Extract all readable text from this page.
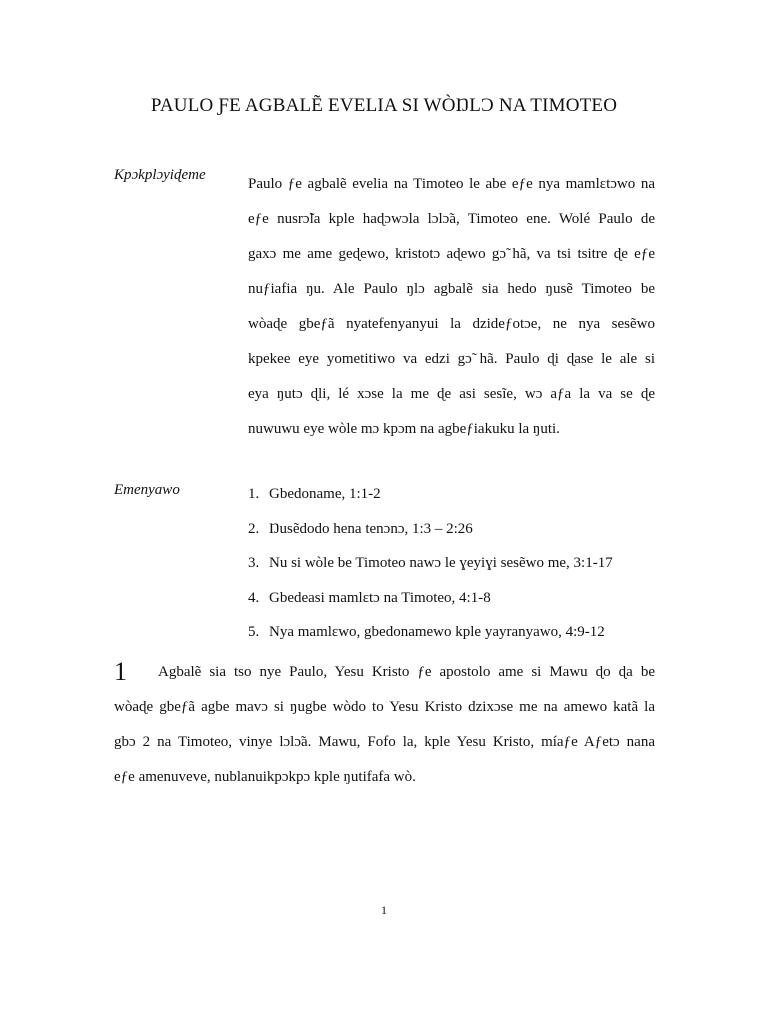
PAULO ƑE AGBALẼ EVELIA SI WÒŊLƆ NA TIMOTEO
Kpɔkplɔyiɖeme
Paulo ƒe agbalẽ evelia na Timoteo le abe eƒe nya mamlɛtɔwo na
eƒe nusrɔ̃la kple haɖɔwɔla lɔlɔ̃a, Timoteo ene. Wolé Paulo de
gaxɔ me ame geɖewo, kristotɔ aɖewo gɔ̃ hã, va tsi tsitre ɖe eƒe
nuƒiafia ŋu. Ale Paulo ŋlɔ agbalẽ sia hedo ŋusẽ Timoteo be
wòaɖe gbeƒã nyatefenyanyui la dzideƒotɔe, ne nya sesẽwo
kpekee eye yometitiwo va edzi gɔ̃ hã. Paulo ɖi ɖase le ale si
eya ŋutɔ ɖli, lé xɔse la me ɖe asi sesĩe, wɔ aƒa la va se ɖe
nuwuwu eye wòle mɔ kpɔm na agbeƒiakuku la ŋuti.
Emenyawo	1. Gbedoname, 1:1-2
2. Ŋusẽdodo hena tenɔnɔ, 1:3 – 2:26
3. Nu si wòle be Timoteo nawɔ le ɣeyiɣi sesẽwo me, 3:1-17
4. Gbedeasi mamlɛtɔ na Timoteo, 4:1-8
5. Nya mamlɛwo, gbedonamewo kple yayranyawo, 4:9-12
1	Agbalẽ sia tso nye Paulo, Yesu Kristo ƒe apostolo ame si Mawu ɖo ɖa be
wòaɖe gbeƒã agbe mavɔ si ŋugbe wòdo to Yesu Kristo dzixɔse me na amewo katã la
gbɔ 2 na Timoteo, vinye lɔlɔ̃a. Mawu, Fofo la, kple Yesu Kristo, míaƒe Aƒetɔ nana
eƒe amenuveve, nublanuikpɔkpɔ kple ŋutifafa wò.
1
